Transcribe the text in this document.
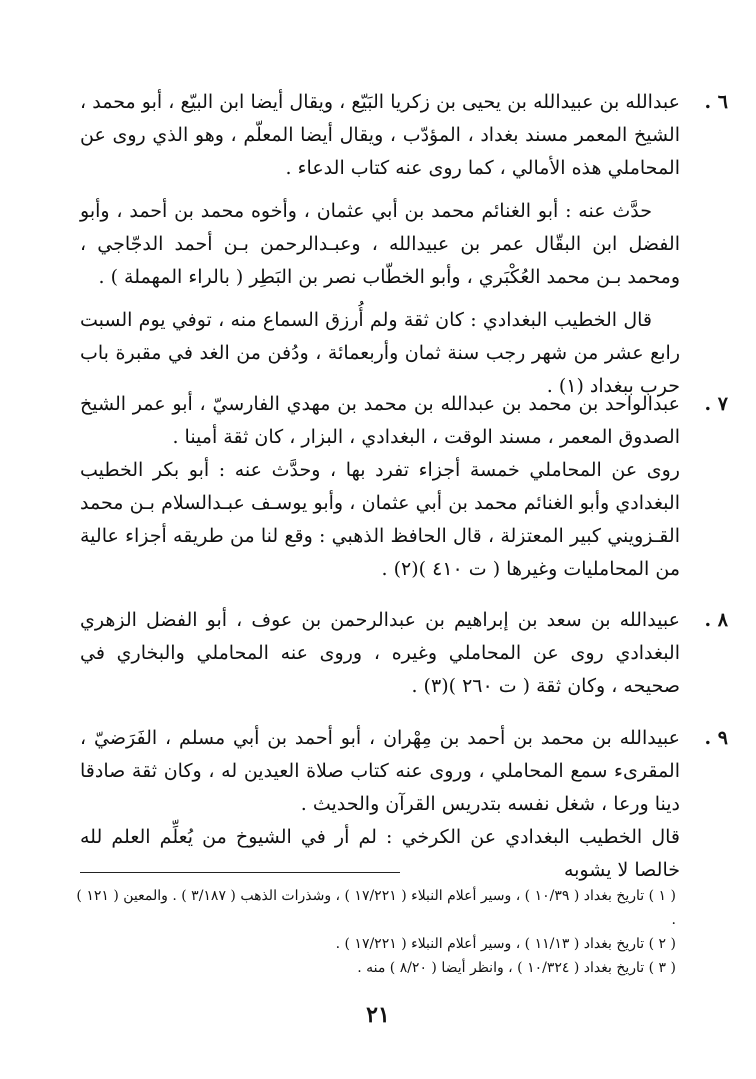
٦ .

عبدالله بن عبيدالله بن يحيى بن زكريا البَيّع ، ويقال أيضا ابن البيّع ، أبو محمد ، الشيخ المعمر مسند بغداد ، المؤدّب ، ويقال أيضا المعلّم ، وهو الذي روى عن المحاملي هذه الأمالي ، كما روى عنه كتاب الدعاء .

حدَّث عنه : أبو الغنائم محمد بن أبي عثمان ، وأخوه محمد بن أحمد ، وأبو الفضل ابن البقّال عمر بن عبيدالله ، وعبـدالرحمن بـن أحمد الدجّاجي ، ومحمد بـن محمد العُكْبَري ، وأبو الخطّاب نصر بن البَطِر ( بالراء المهملة ) .

قال الخطيب البغدادي : كان ثقة ولم أُرزق السماع منه ، توفي يوم السبت رابع عشر من شهر رجب سنة ثمان وأربعمائة ، ودُفن من الغد في مقبرة باب حرب ببغداد (١) .

٧ .

عبدالواحد بن محمد بن عبدالله بن محمد بن مهدي الفارسيّ ، أبو عمر الشيخ الصدوق المعمر ، مسند الوقت ، البغدادي ، البزار ، كان ثقة أمينا .

روى عن المحاملي خمسة أجزاء تفرد بها ، وحدَّث عنه : أبو بكر الخطيب البغدادي وأبو الغنائم محمد بن أبي عثمان ، وأبو يوسـف عبـدالسلام بـن محمد القـزويني كبير المعتزلة ، قال الحافظ الذهبي : وقع لنا من طريقه أجزاء عالية من المحامليات وغيرها ( ت ٤١٠ )(٢) .

٨ .

عبيدالله بن سعد بن إبراهيم بن عبدالرحمن بن عوف ، أبو الفضل الزهري البغدادي روى عن المحاملي وغيره ، وروى عنه المحاملي والبخاري في صحيحه ، وكان ثقة ( ت ٢٦٠ )(٣) .

٩ .

عبيدالله بن محمد بن أحمد بن مِهْران ، أبو أحمد بن أبي مسلم ، الفَرَضيّ ، المقرىء سمع المحاملي ، وروى عنه كتاب صلاة العيدين له ، وكان ثقة صادقا دينا ورعا ، شغل نفسه بتدريس القرآن والحديث .

قال الخطيب البغدادي عن الكرخي : لم أر في الشيوخ من يُعلِّم العلم لله خالصا لا يشوبه

( ١ ) تاريخ بغداد ( ١٠/٣٩ ) ، وسير أعلام النبلاء ( ١٧/٢٢١ ) ، وشذرات الذهب ( ٣/١٨٧ ) . والمعين ( ١٢١ ) .

( ٢ ) تاريخ بغداد ( ١١/١٣ ) ، وسير أعلام النبلاء ( ١٧/٢٢١ ) .

( ٣ ) تاريخ بغداد ( ١٠/٣٢٤ ) ، وانظر أيضا ( ٨/٢٠ ) منه .

٢١
